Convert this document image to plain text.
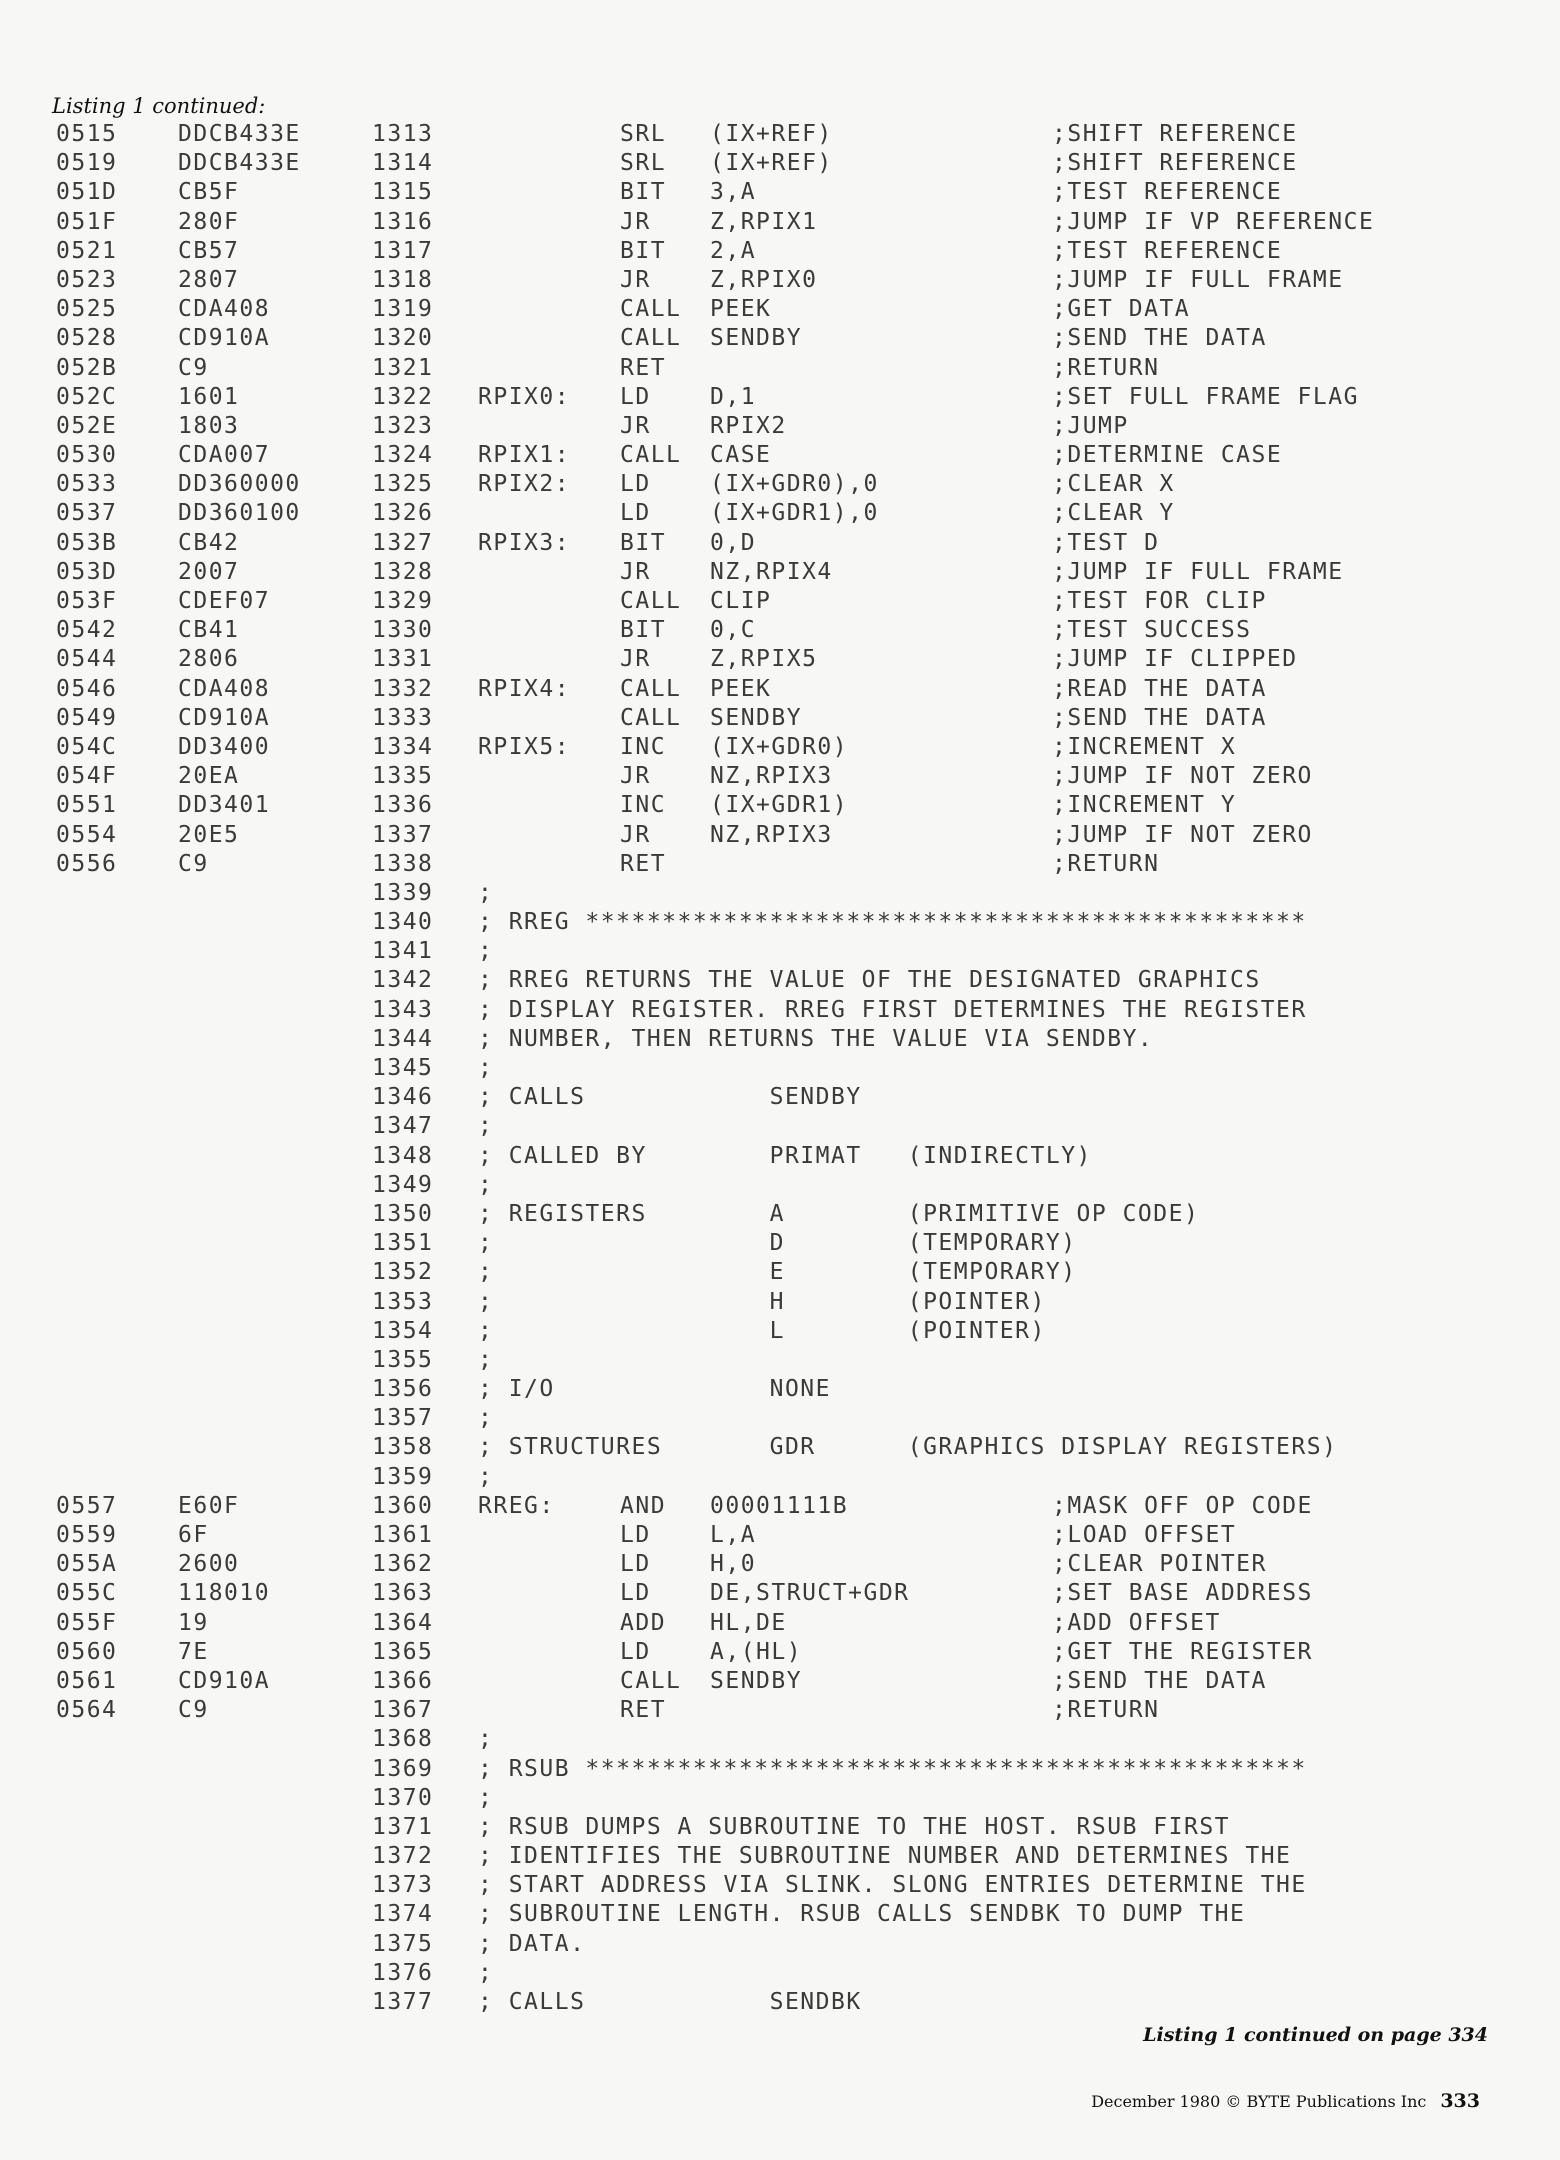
Listing 1 continued:
0515	DDCB433E	1313	SRL (IX+REF)	;SHIFT REFERENCE
0519	DDCB433E	1314	SRL (IX+REF)	;SHIFT REFERENCE
051D	CB5F	1315	BIT 3,A	;TEST REFERENCE
051F	280F	1316	JR	Z,RPIX1	;JUMP IF VP REFERENCE
0521	CB57	1317	BIT 2,A	;TEST REFERENCE
0523	2807	1318	JR	Z,RPIX0	;JUMP IF FULL FRAME
0525	CDA408	1319	CALL PEEK	;GET DATA
0528	CD910A	1320	CALL SENDBY	;SEND THE DATA
052B	C9	1321	RET	;RETURN
052C	1601	1322 RPIX0: LD	D,1	;SET FULL FRAME FLAG
052E	1803	1323	JR	RPIX2	;JUMP
0530	CDA007	1324 RPIX1: CALL CASE	;DETERMINE CASE
0533	DD360000	1325 RPIX2: LD	(IX+GDR0),0	;CLEAR X
0537	DD360100	1326	LD	(IX+GDR1),0	;CLEAR Y
053B	CB42	1327 RPIX3: BIT 0,D	;TEST D
053D	2007	1328	JR	NZ,RPIX4	;JUMP IF FULL FRAME
053F	CDEF07	1329	CALL CLIP	;TEST FOR CLIP
0542	CB41	1330	BIT 0,C	;TEST SUCCESS
0544	2806	1331	JR	Z,RPIX5	;JUMP IF CLIPPED
0546	CDA408	1332 RPIX4: CALL PEEK	;READ THE DATA
0549	CD910A	1333	CALL SENDBY	;SEND THE DATA
054C	DD3400	1334 RPIX5: INC (IX+GDR0)	;INCREMENT X
054F	20EA	1335	JR	NZ,RPIX3	;JUMP IF NOT ZERO
0551	DD3401	1336	INC (IX+GDR1)	;INCREMENT Y
0554	20E5	1337	JR	NZ,RPIX3	;JUMP IF NOT ZERO
0556	C9	1338	RET	;RETURN
1339 ;
1340 ; RREG ***********************************************
1341 ;
1342 ; RREG RETURNS THE VALUE OF THE DESIGNATED GRAPHICS
1343 ; DISPLAY REGISTER. RREG FIRST DETERMINES THE REGISTER
1344 ; NUMBER, THEN RETURNS THE VALUE VIA SENDBY.
1345 ;
1346 ; CALLS            SENDBY
1347 ;
1348 ; CALLED BY        PRIMAT   (INDIRECTLY)
1349 ;
1350 ; REGISTERS        A        (PRIMITIVE OP CODE)
1351 ;                  D        (TEMPORARY)
1352 ;                  E        (TEMPORARY)
1353 ;                  H        (POINTER)
1354 ;                  L        (POINTER)
1355 ;
1356 ; I/O              NONE
1357 ;
1358 ; STRUCTURES       GDR      (GRAPHICS DISPLAY REGISTERS)
1359 ;
0557	E60F	1360 RREG:	AND 00001111B	;MASK OFF OP CODE
0559	6F	1361	LD	L,A	;LOAD OFFSET
055A	2600	1362	LD	H,0	;CLEAR POINTER
055C	118010	1363	LD	DE,STRUCT+GDR	;SET BASE ADDRESS
055F	19	1364	ADD HL,DE	;ADD OFFSET
0560	7E	1365	LD	A,(HL)	;GET THE REGISTER
0561	CD910A	1366	CALL SENDBY	;SEND THE DATA
0564	C9	1367	RET	;RETURN
1368 ;
1369 ; RSUB ***********************************************
1370 ;
1371 ; RSUB DUMPS A SUBROUTINE TO THE HOST. RSUB FIRST
1372 ; IDENTIFIES THE SUBROUTINE NUMBER AND DETERMINES THE
1373 ; START ADDRESS VIA SLINK. SLONG ENTRIES DETERMINE THE
1374 ; SUBROUTINE LENGTH. RSUB CALLS SENDBK TO DUMP THE
1375 ; DATA.
1376 ;
1377 ; CALLS            SENDBK
Listing 1 continued on page 334
December 1980 © BYTE Publications Inc 333
